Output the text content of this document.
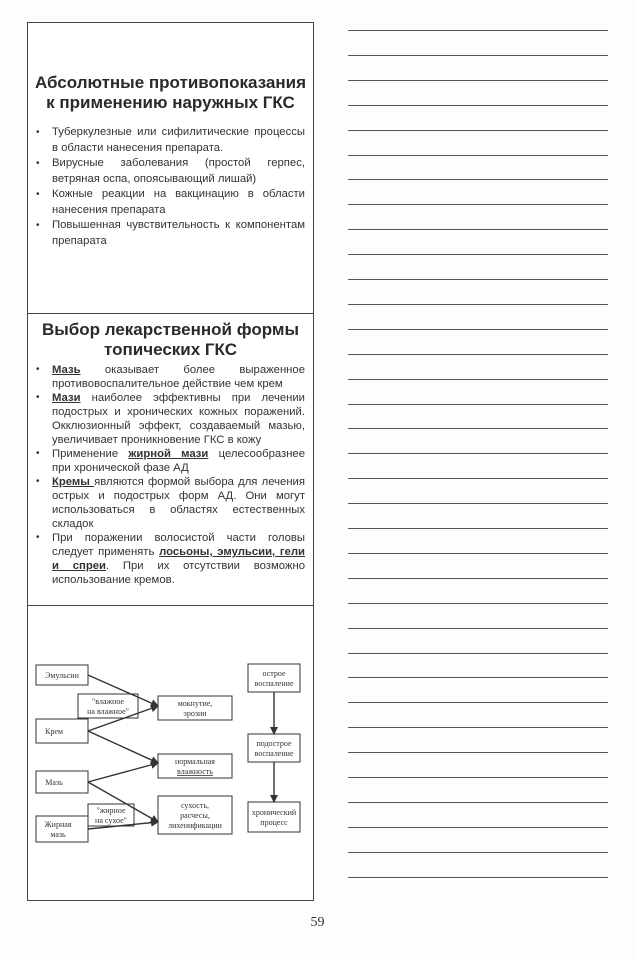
Абсолютные противопоказания
к применению наружных ГКС
• Туберкулезные или сифилитические процессы в области нанесения препарата.
• Вирусные заболевания (простой герпес, ветряная оспа, опоясывающий лишай)
• Кожные реакции на вакцинацию в области нанесения препарата
• Повышенная чувствительность к компонентам препарата
Выбор лекарственной формы
топических ГКС
• Мазь оказывает более выраженное противовоспалительное действие чем крем
• Мази наиболее эффективны при лечении подострых и хронических кожных поражений. Окклюзионный эффект, создаваемый мазью, увеличивает проникновение ГКС в кожу
• Применение жирной мази целесообразнее при хронической фазе АД
• Кремы являются формой выбора для лечения острых и подострых форм АД. Они могут использоваться в областях естественных складок
• При поражении волосистой части головы следует применять лосьоны, эмульсии, гели и спреи. При их отсутствии возможно использование кремов.
Эмульсии
Крем
Мазь
Жирная
мазь
"влажное
на влажное"
"жирное
на сухое"
мокнутие,
эрозии
нормальная
влажность
сухость,
расчесы,
лихенификации
острое
воспаление
подострое
воспаление
хронический
процесс
59
